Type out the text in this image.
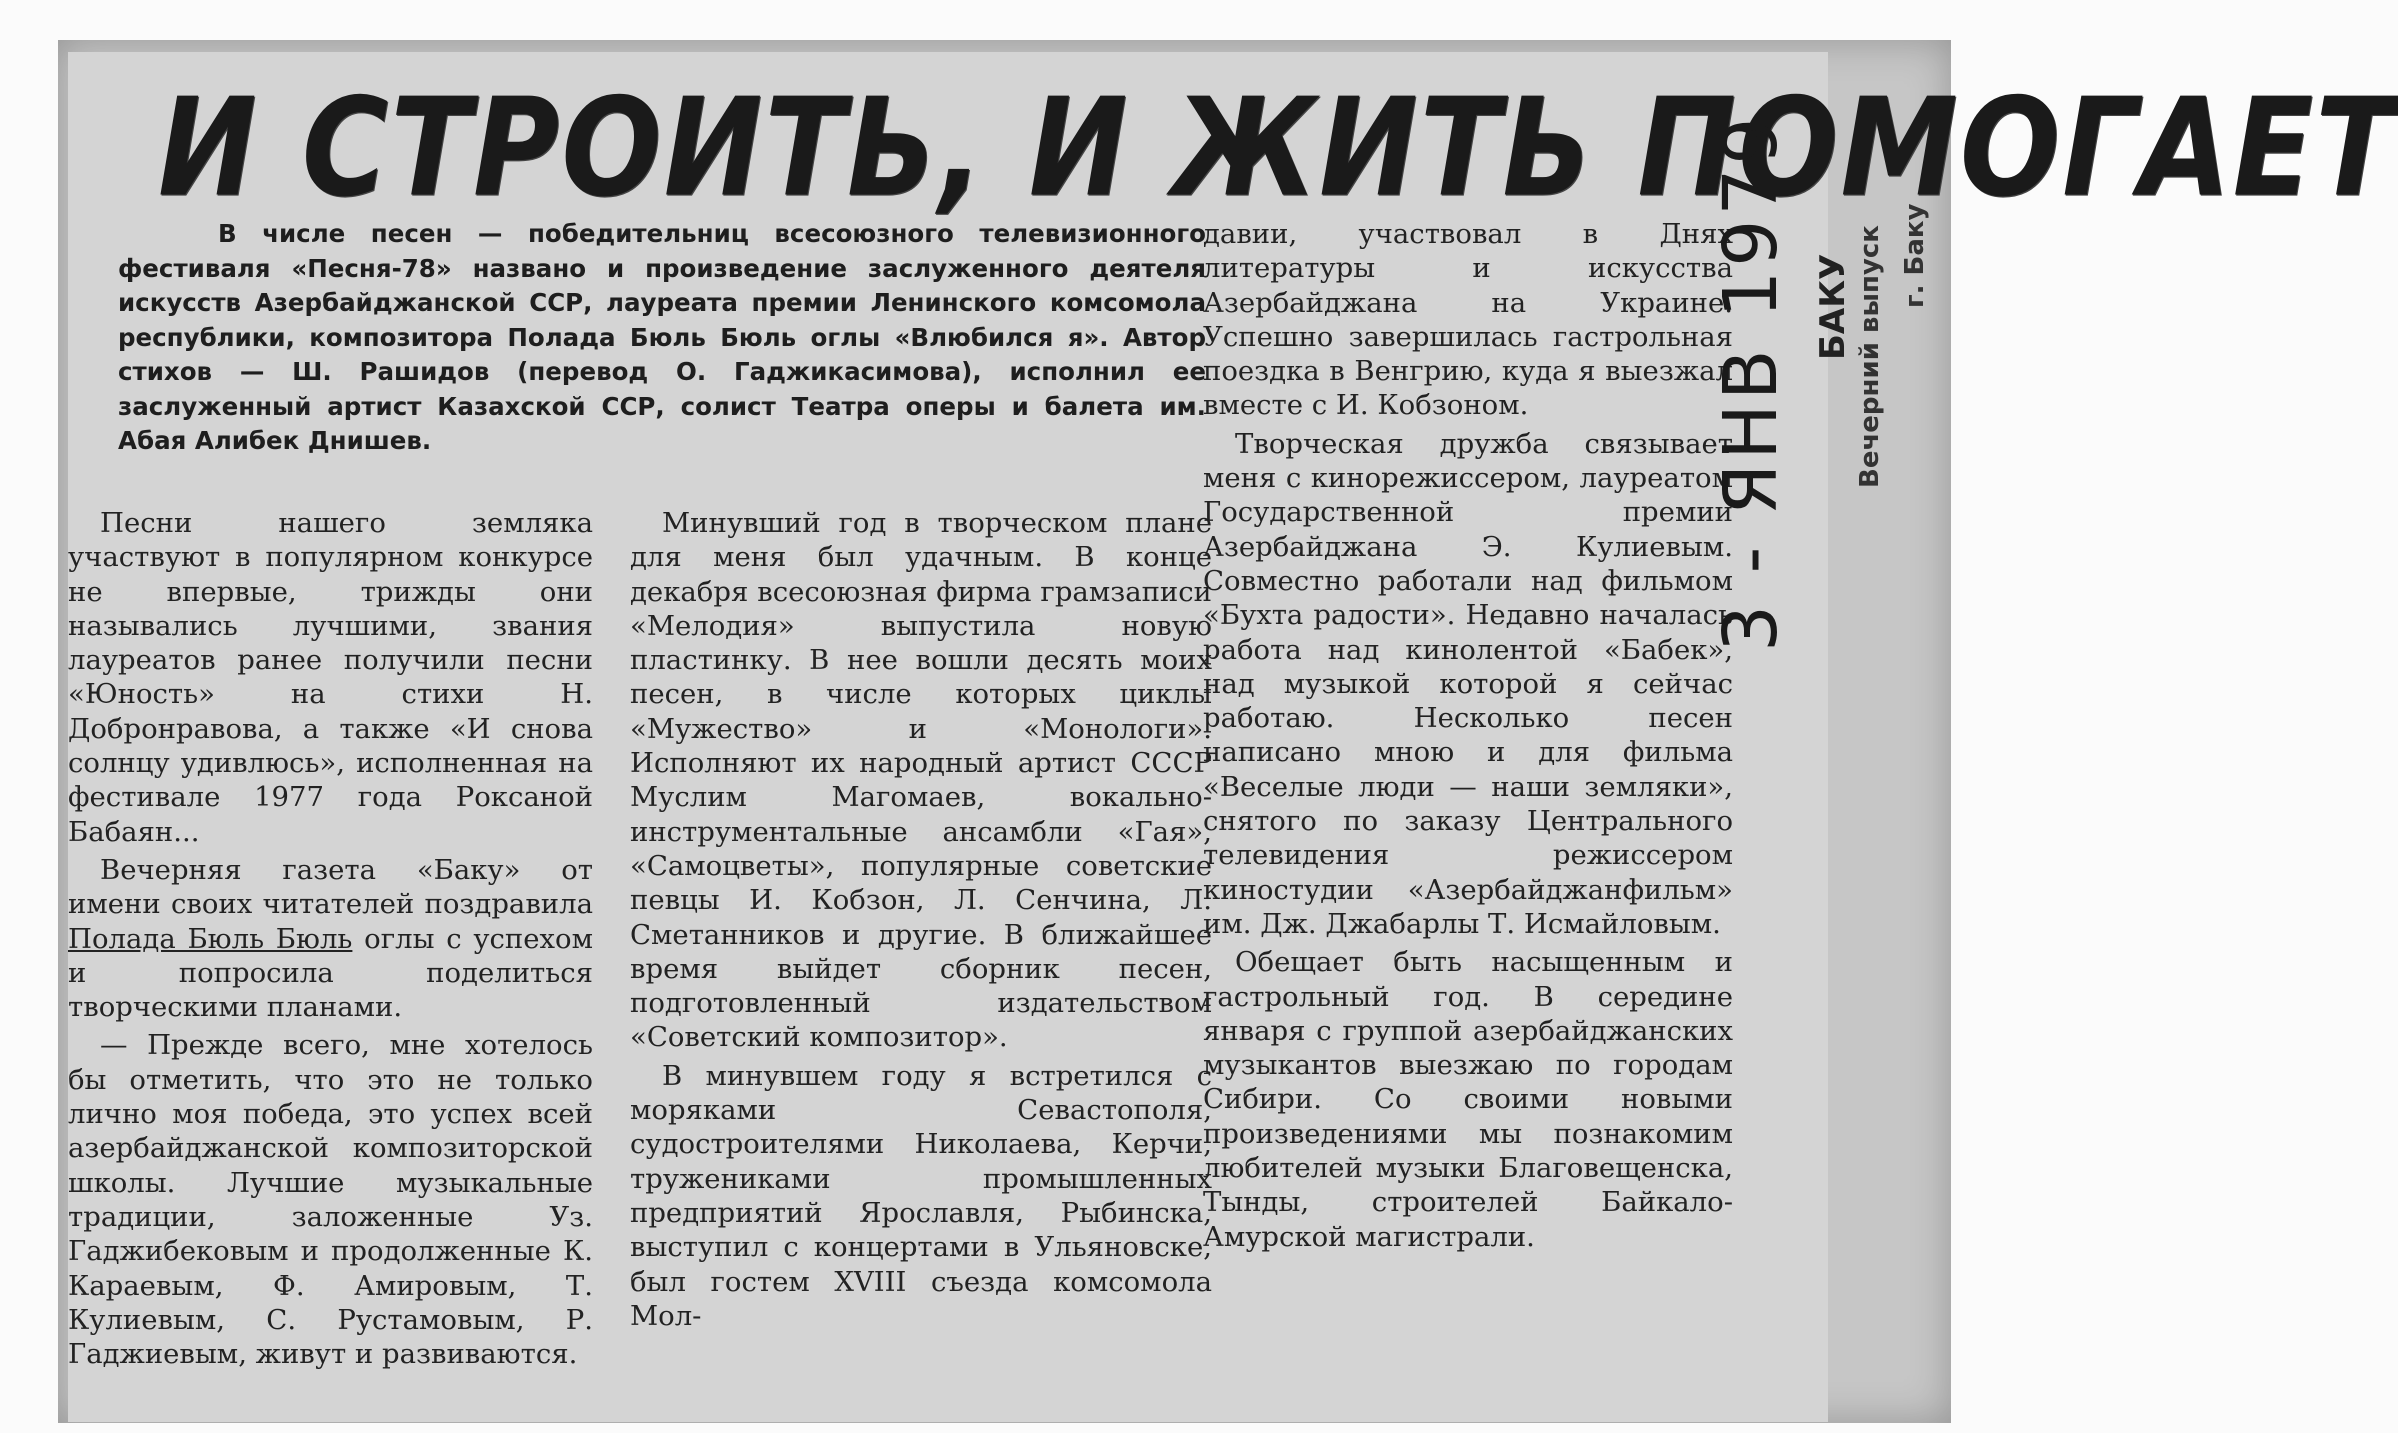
И СТРОИТЬ, И ЖИТЬ ПОМОГАЕТ

В числе песен — победительниц всесоюзного телевизионного фестиваля «Песня-78» названо и произведение заслуженного деятеля искусств Азербайджанской ССР, лауреата премии Ленинского комсомола республики, композитора Полада Бюль Бюль оглы «Влюбился я». Автор стихов — Ш. Рашидов (перевод О. Гаджикасимова), исполнил ее заслуженный артист Казахской ССР, солист Театра оперы и балета им. Абая Алибек Днишев.

Песни нашего земляка участвуют в популярном конкурсе не впервые, трижды они назывались лучшими, звания лауреатов ранее получили песни «Юность» на стихи Н. Добронравова, а также «И снова солнцу удивлюсь», исполненная на фестивале 1977 года Роксаной Бабаян...

Вечерняя газета «Баку» от имени своих читателей поздравила Полада Бюль Бюль оглы с успехом и попросила поделиться творческими планами.

— Прежде всего, мне хотелось бы отметить, что это не только лично моя победа, это успех всей азербайджанской композиторской школы. Лучшие музыкальные традиции, заложенные Уз. Гаджибековым и продолженные К. Караевым, Ф. Амировым, Т. Кулиевым, С. Рустамовым, Р. Гаджиевым, живут и развиваются.

Минувший год в творческом плане для меня был удачным. В конце декабря всесоюзная фирма грамзаписи «Мелодия» выпустила новую пластинку. В нее вошли десять моих песен, в числе которых циклы «Мужество» и «Монологи». Исполняют их народный артист СССР Муслим Магомаев, вокально-инструментальные ансамбли «Гая», «Самоцветы», популярные советские певцы И. Кобзон, Л. Сенчина, Л. Сметанников и другие. В ближайшее время выйдет сборник песен, подготовленный издательством «Советский композитор».

В минувшем году я встретился с моряками Севастополя, судостроителями Николаева, Керчи, тружениками промышленных предприятий Ярославля, Рыбинска, выступил с концертами в Ульяновске, был гостем XVIII съезда комсомола Мол-

давии, участвовал в Днях литературы и искусства Азербайджана на Украине. Успешно завершилась гастрольная поездка в Венгрию, куда я выезжал вместе с И. Кобзоном.

Творческая дружба связывает меня с кинорежиссером, лауреатом Государственной премии Азербайджана Э. Кулиевым. Совместно работали над фильмом «Бухта радости». Недавно началась работа над кинолентой «Бабек», над музыкой которой я сейчас работаю. Несколько песен написано мною и для фильма «Веселые люди — наши земляки», снятого по заказу Центрального телевидения режиссером киностудии «Азербайджанфильм» им. Дж. Джабарлы Т. Исмайловым.

Обещает быть насыщенным и гастрольный год. В середине января с группой азербайджанских музыкантов выезжаю по городам Сибири. Со своими новыми произведениями мы познакомим любителей музыки Благовещенска, Тынды, строителей Байкало-Амурской магистрали.

3 - ЯНВ 1979 БАКУ Вечерний выпуск г. Баку
